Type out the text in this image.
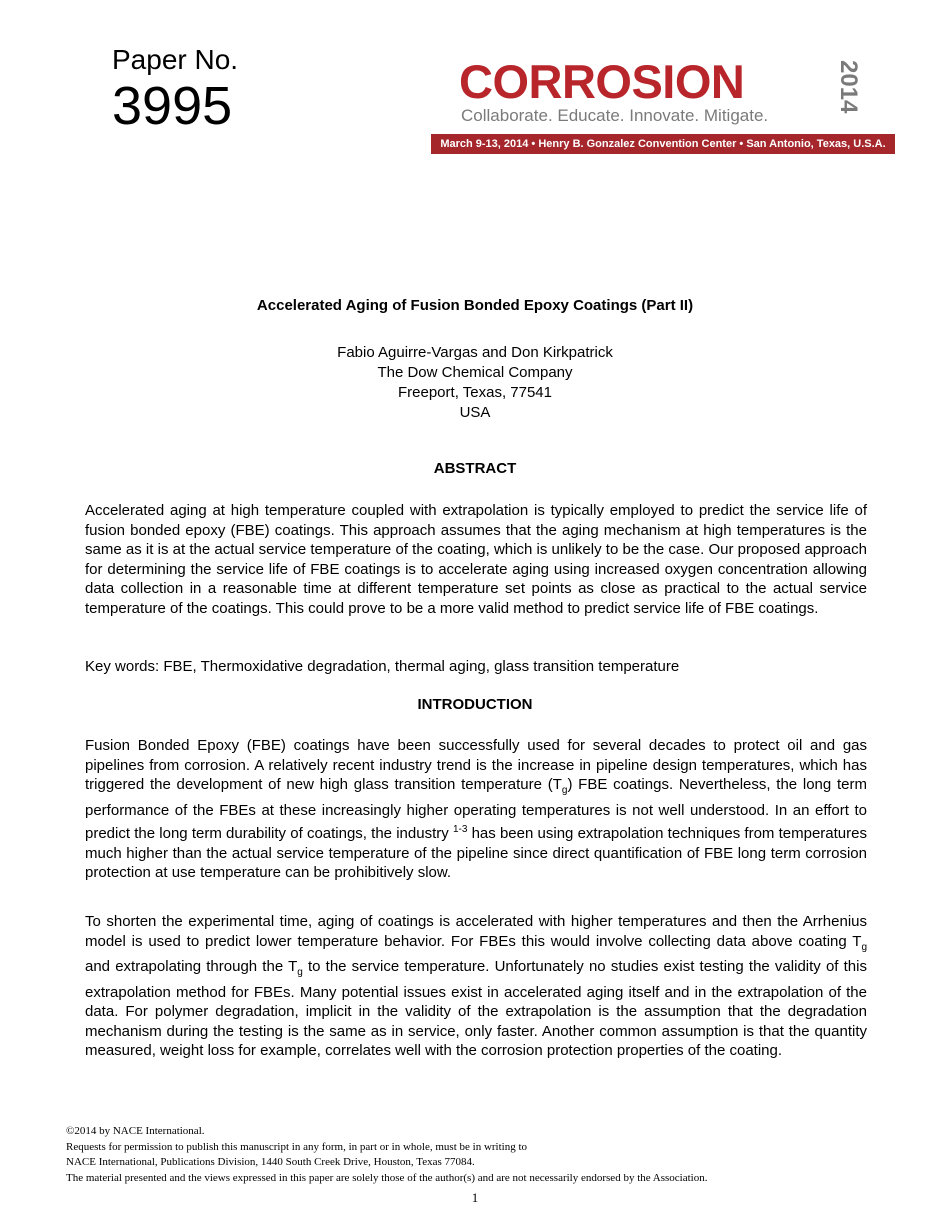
Paper No.
3995	CORROSION	2014
Collaborate. Educate. Innovate. Mitigate.
March 9-13, 2014 • Henry B. Gonzalez Convention Center • San Antonio, Texas, U.S.A.
Accelerated Aging of Fusion Bonded Epoxy Coatings (Part II)
Fabio Aguirre-Vargas and Don Kirkpatrick
The Dow Chemical Company
Freeport, Texas, 77541
USA
ABSTRACT
Accelerated aging at high temperature coupled with extrapolation is typically employed to predict the service life of fusion bonded epoxy (FBE) coatings. This approach assumes that the aging mechanism at high temperatures is the same as it is at the actual service temperature of the coating, which is unlikely to be the case. Our proposed approach for determining the service life of FBE coatings is to accelerate aging using increased oxygen concentration allowing data collection in a reasonable time at different temperature set points as close as practical to the actual service temperature of the coatings. This could prove to be a more valid method to predict service life of FBE coatings.
Key words: FBE, Thermoxidative degradation, thermal aging, glass transition temperature
INTRODUCTION
Fusion Bonded Epoxy (FBE) coatings have been successfully used for several decades to protect oil and gas pipelines from corrosion. A relatively recent industry trend is the increase in pipeline design temperatures, which has triggered the development of new high glass transition temperature $(T_g)$ FBE coatings. Nevertheless, the long term performance of the FBEs at these increasingly higher operating temperatures is not well understood. In an effort to predict the long term durability of coatings, the industry $^{1-3}$ has been using extrapolation techniques from temperatures much higher than the actual service temperature of the pipeline since direct quantification of FBE long term corrosion protection at use temperature can be prohibitively slow.
To shorten the experimental time, aging of coatings is accelerated with higher temperatures and then the Arrhenius model is used to predict lower temperature behavior. For FBEs this would involve collecting data above coating $T_g$ and extrapolating through the $T_g$ to the service temperature. Unfortunately no studies exist testing the validity of this extrapolation method for FBEs. Many potential issues exist in accelerated aging itself and in the extrapolation of the data. For polymer degradation, implicit in the validity of the extrapolation is the assumption that the degradation mechanism during the testing is the same as in service, only faster. Another common assumption is that the quantity measured, weight loss for example, correlates well with the corrosion protection properties of the coating.
©2014 by NACE International.
Requests for permission to publish this manuscript in any form, in part or in whole, must be in writing to
NACE International, Publications Division, 1440 South Creek Drive, Houston, Texas 77084.
The material presented and the views expressed in this paper are solely those of the author(s) and are not necessarily endorsed by the Association.
1
